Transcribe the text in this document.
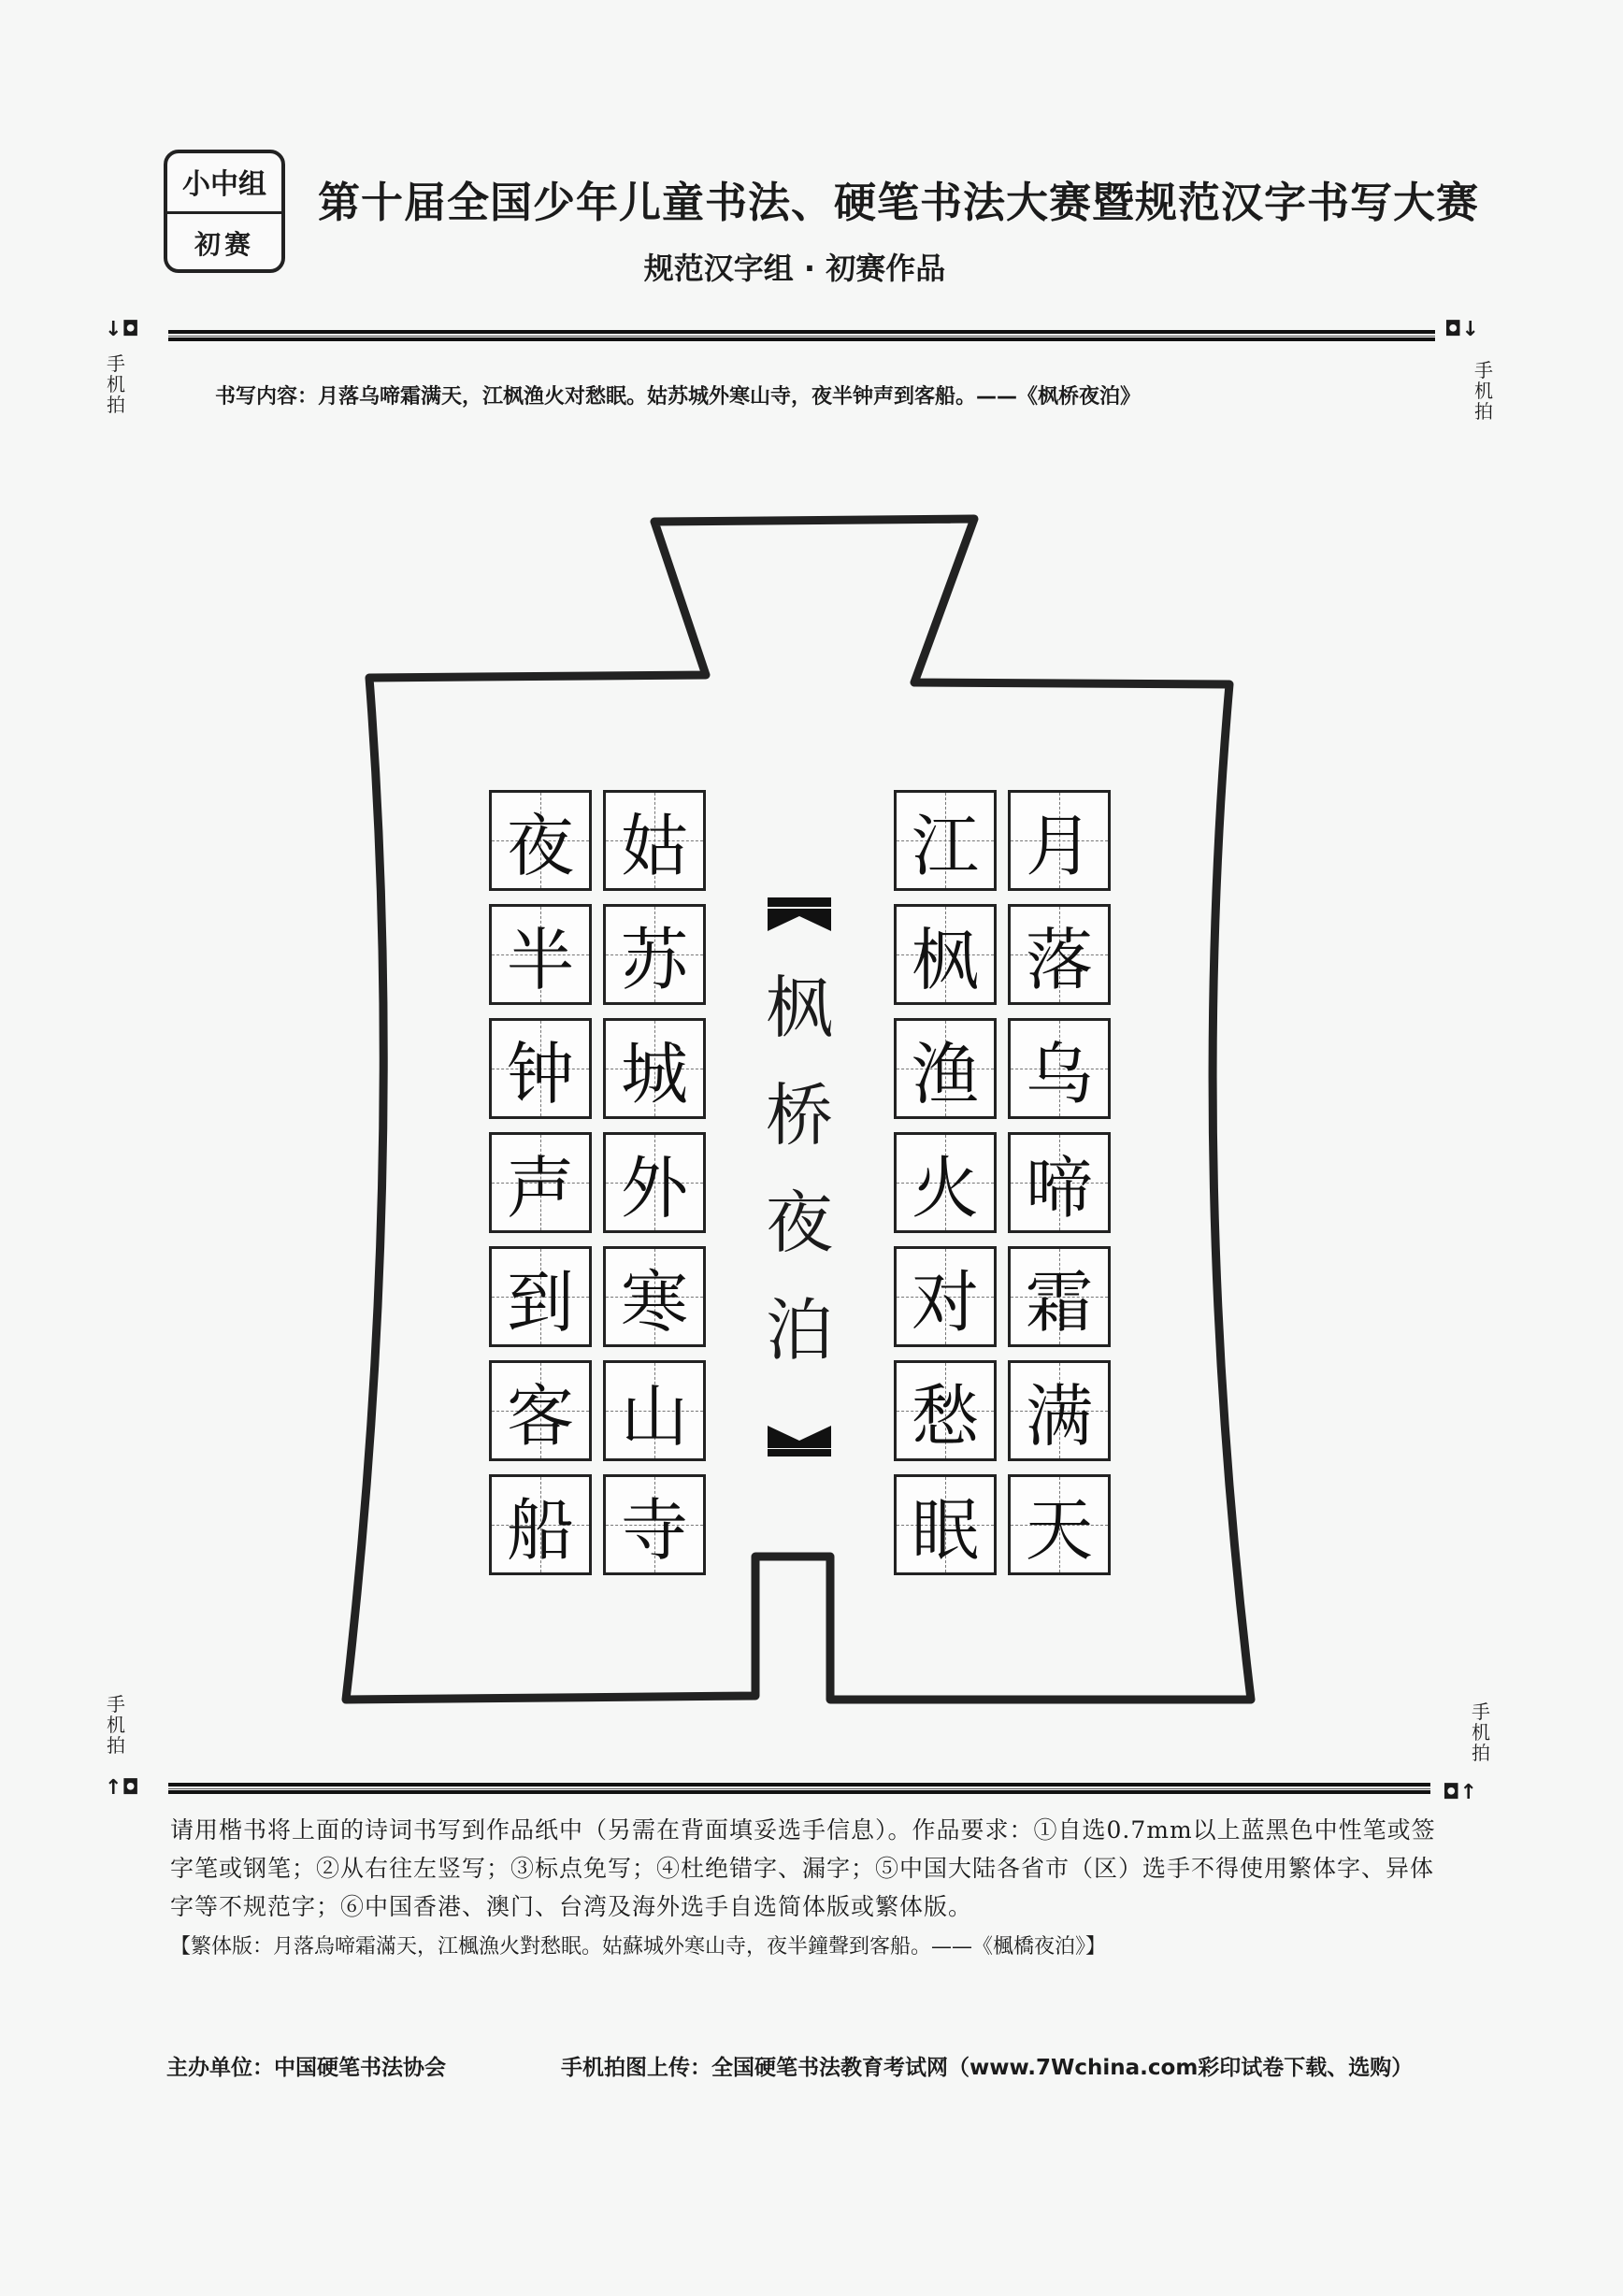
小中组
初赛
第十届全国少年儿童书法、硬笔书法大赛暨规范汉字书写大赛
规范汉字组 · 初赛作品
↓◘	◘↓
手机拍
手机拍
书写内容：月落乌啼霜满天，江枫渔火对愁眠。姑苏城外寒山寺，夜半钟声到客船。——《枫桥夜泊》
月
落
乌
啼
霜
满
天
江
枫
渔
火
对
愁
眠
姑
苏
城
外
寒
山
寺
夜
半
钟
声
到
客
船
枫
桥
夜
泊
手机拍
手机拍
↑◘	◘↑
请用楷书将上面的诗词书写到作品纸中（另需在背面填妥选手信息）。作品要求：①自选0.7mm以上蓝黑色中性笔或签字笔或钢笔；②从右往左竖写；③标点免写；④杜绝错字、漏字；⑤中国大陆各省市（区）选手不得使用繁体字、异体字等不规范字；⑥中国香港、澳门、台湾及海外选手自选简体版或繁体版。
【繁体版：月落烏啼霜滿天，江楓漁火對愁眠。姑蘇城外寒山寺，夜半鐘聲到客船。——《楓橋夜泊》】
主办单位：中国硬笔书法协会	手机拍图上传：全国硬笔书法教育考试网（www.7Wchina.com彩印试卷下载、选购）
